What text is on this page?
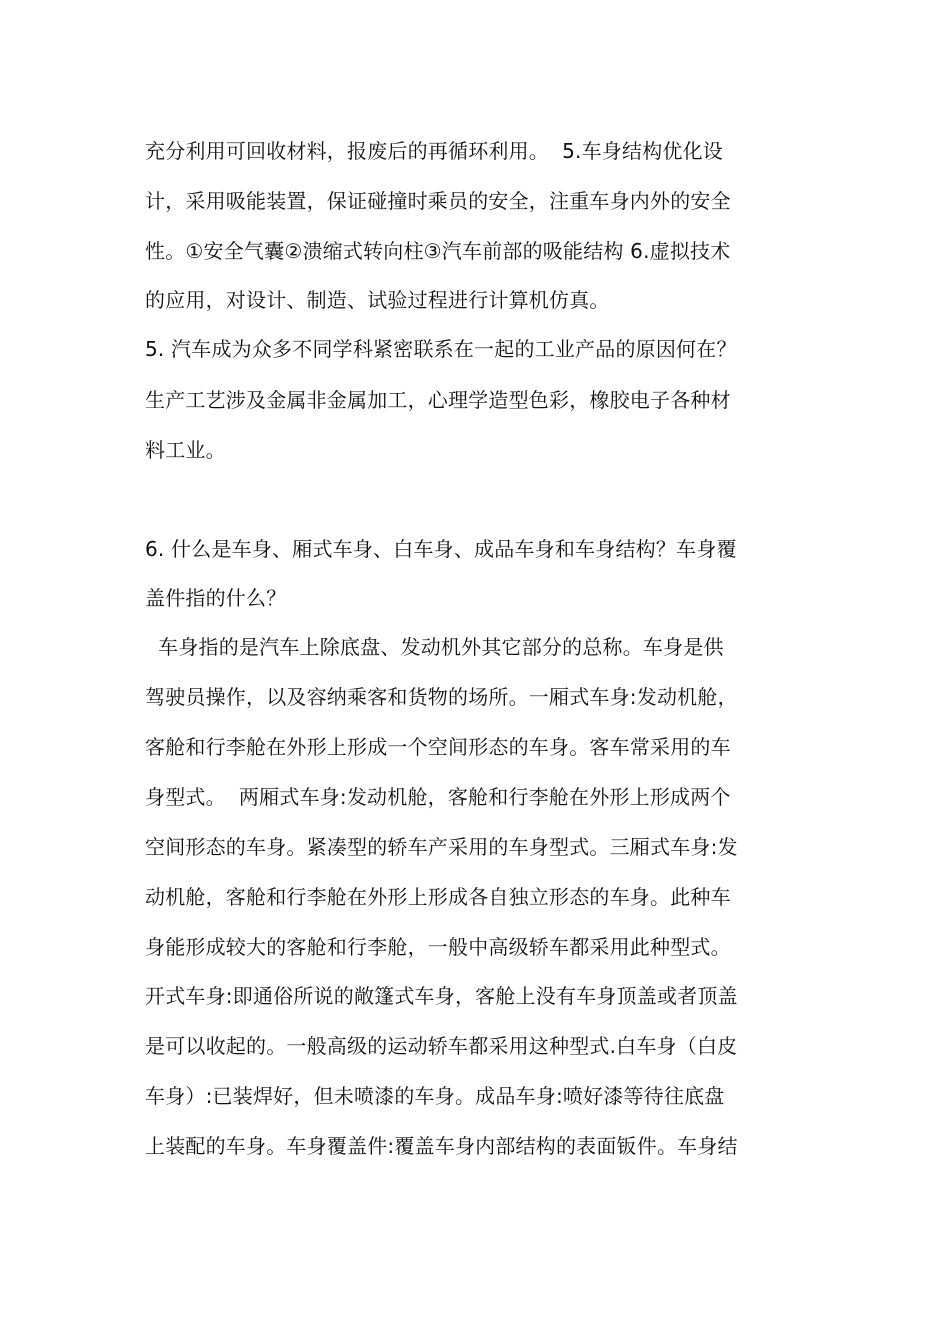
充分利用可回收材料，报废后的再循环利用。  5.车身结构优化设
计，采用吸能装置，保证碰撞时乘员的安全，注重车身内外的安全
性。①安全气囊②溃缩式转向柱③汽车前部的吸能结构 6.虚拟技术
的应用，对设计、制造、试验过程进行计算机仿真。
5. 汽车成为众多不同学科紧密联系在一起的工业产品的原因何在？
生产工艺涉及金属非金属加工，心理学造型色彩，橡胶电子各种材
料工业。
6. 什么是车身、厢式车身、白车身、成品车身和车身结构？车身覆
盖件指的什么？
车身指的是汽车上除底盘、发动机外其它部分的总称。车身是供
驾驶员操作，以及容纳乘客和货物的场所。一厢式车身:发动机舱，
客舱和行李舱在外形上形成一个空间形态的车身。客车常采用的车
身型式。  两厢式车身:发动机舱，客舱和行李舱在外形上形成两个
空间形态的车身。紧凑型的轿车产采用的车身型式。三厢式车身:发
动机舱，客舱和行李舱在外形上形成各自独立形态的车身。此种车
身能形成较大的客舱和行李舱，一般中高级轿车都采用此种型式。
开式车身:即通俗所说的敞篷式车身，客舱上没有车身顶盖或者顶盖
是可以收起的。一般高级的运动轿车都采用这种型式.白车身（白皮
车身）:已装焊好，但未喷漆的车身。成品车身:喷好漆等待往底盘
上装配的车身。车身覆盖件:覆盖车身内部结构的表面钣件。车身结
